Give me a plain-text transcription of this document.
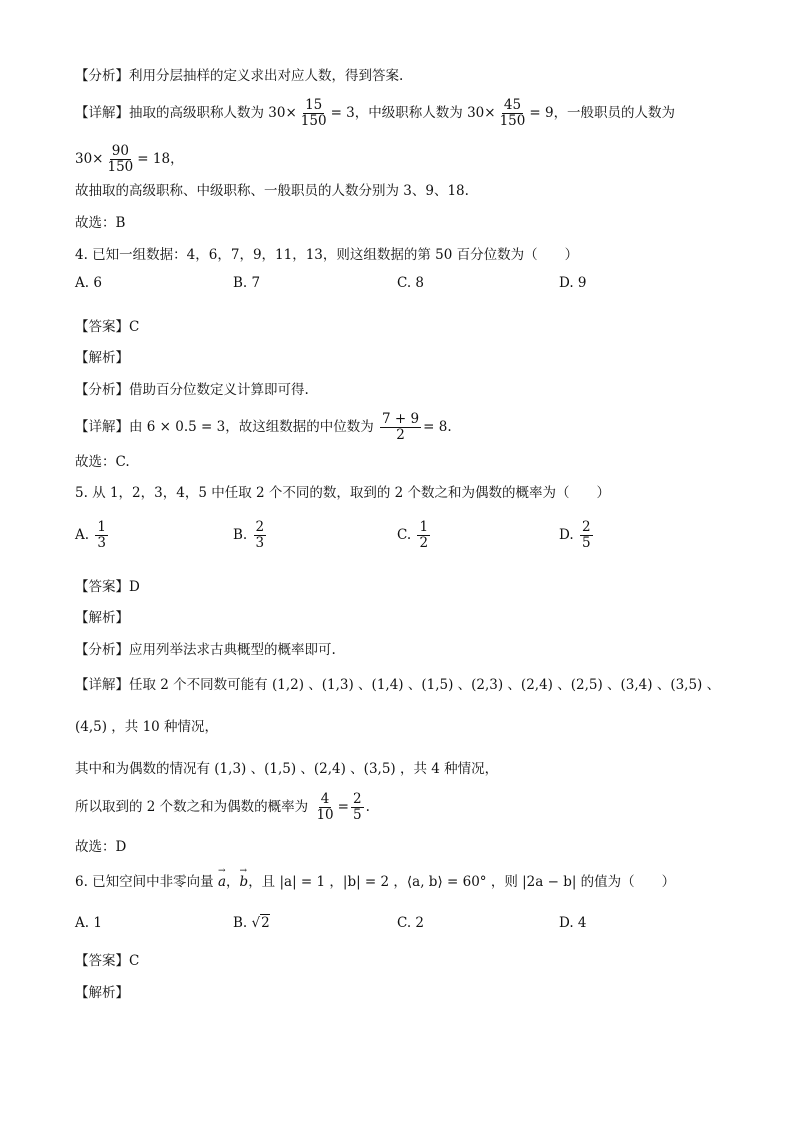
【分析】利用分层抽样的定义求出对应人数，得到答案.
【详解】抽取的高级职称人数为 $30\times \frac{15}{150} = 3$，中级职称人数为 $30\times \frac{45}{150} = 9$，一般职员的人数为
$30\times \frac{90}{150} = 18$，
故抽取的高级职称、中级职称、一般职员的人数分别为 3、9、18.
故选：B
4. 已知一组数据：4，6，7，9，11，13，则这组数据的第 50 百分位数为（　　）
A. 6	B. 7	C. 8	D. 9
【答案】C
【解析】
【分析】借助百分位数定义计算即可得.
【详解】由 6 × 0.5 = 3，故这组数据的中位数为 $\frac{7 + 9}{2} = 8$.
故选：C.
5. 从 1，2，3，4，5 中任取 2 个不同的数，取到的 2 个数之和为偶数的概率为（　　）
A. $\frac{1}{3}$	B. $\frac{2}{3}$	C. $\frac{1}{2}$	D. $\frac{2}{5}$
【答案】D
【解析】
【分析】应用列举法求古典概型的概率即可.
【详解】任取 2 个不同数可能有 (1,2) 、(1,3) 、(1,4) 、(1,5) 、(2,3) 、(2,4) 、(2,5) 、(3,4) 、(3,5) 、
(4,5) ，共 10 种情况，
其中和为偶数的情况有 (1,3) 、(1,5) 、(2,4) 、(3,5) ，共 4 种情况，
所以取到的 2 个数之和为偶数的概率为 $\frac{4}{10} = \frac{2}{5}$ .
故选：D
6. 已知空间中非零向量 → a，→ b，且 |a| = 1 ，|b| = 2 ，⟨a, b⟩ = 60° ，则 |2a − b| 的值为（　　）
A. 1	B. √2	C. 2	D. 4
【答案】C
【解析】
